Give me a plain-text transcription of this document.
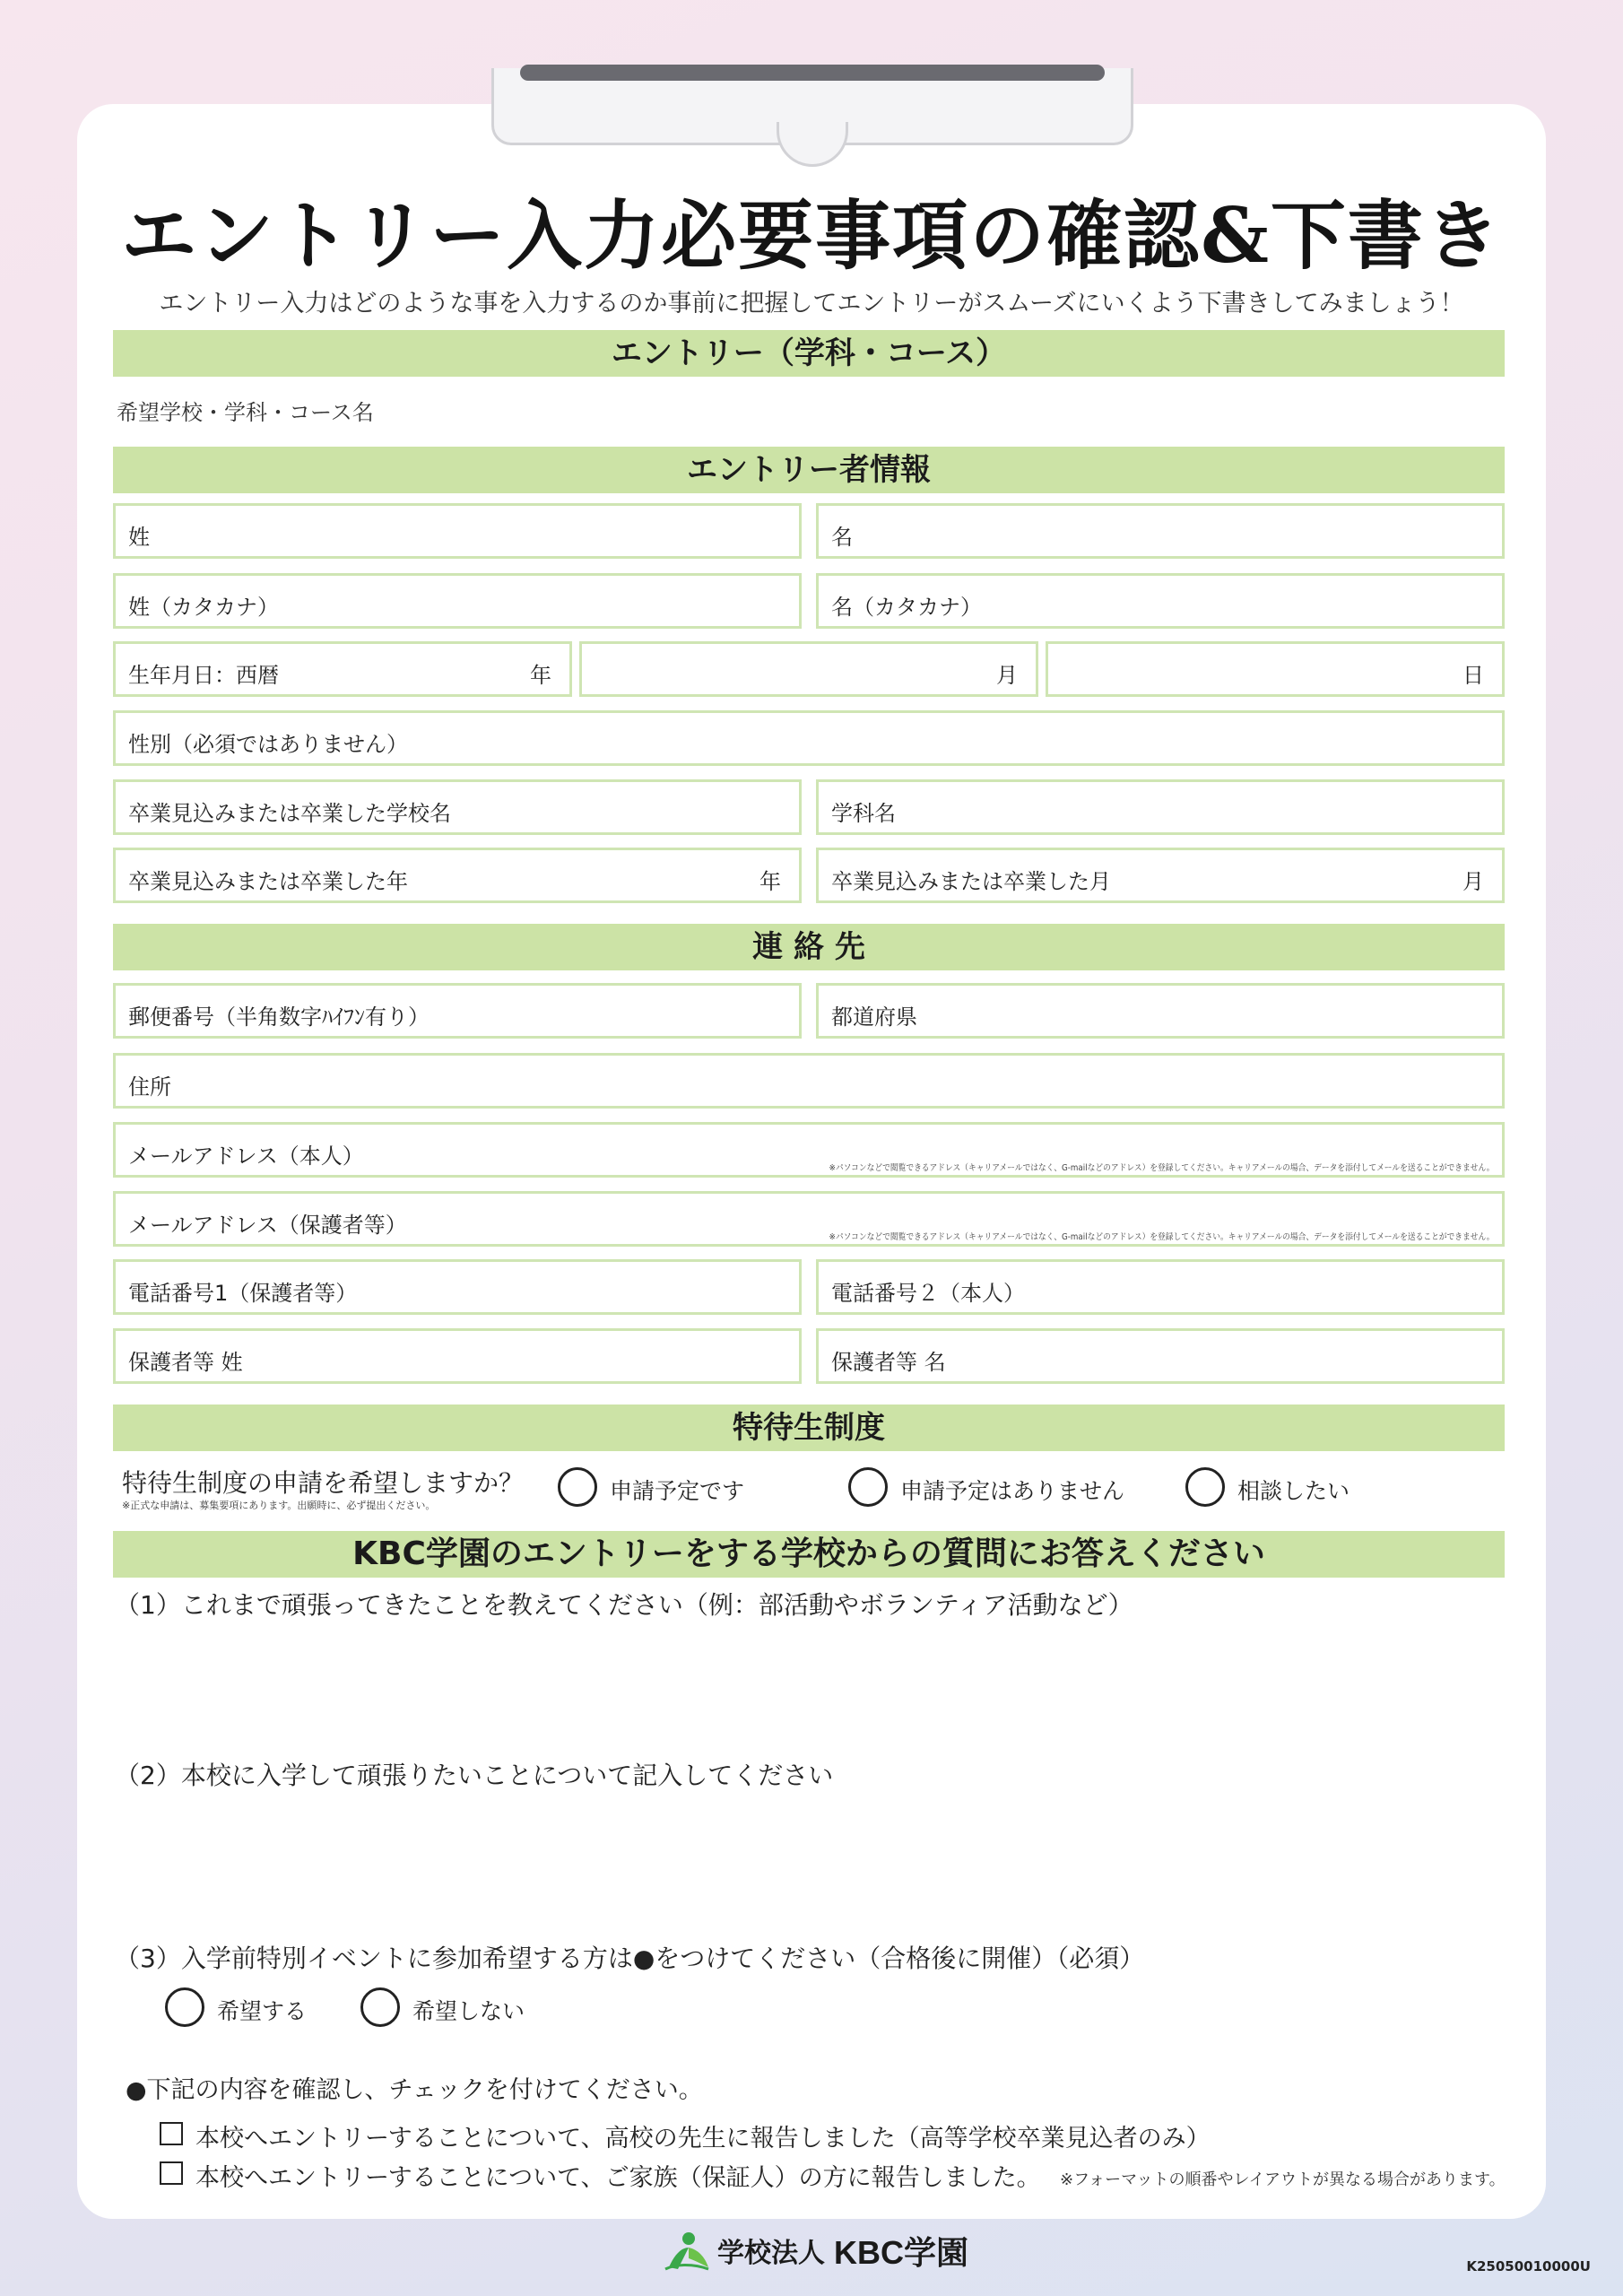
エントリー入力必要事項の確認&下書き
エントリー入力はどのような事を入力するのか事前に把握してエントリーがスムーズにいくよう下書きしてみましょう！
エントリー（学科・コース）
希望学校・学科・コース名
エントリー者情報
姓	名
姓（カタカナ）	名（カタカナ）
生年月日：西暦	年	月	日
性別（必須ではありません）
卒業見込みまたは卒業した学校名	学科名
卒業見込みまたは卒業した年	年 卒業見込みまたは卒業した月	月
連 絡 先
郵便番号（半角数字ﾊｲﾌﾝ有り）	都道府県
住所
メールアドレス（本人）	※パソコンなどで閲覧できるアドレス（キャリアメールではなく、G-mailなどのアドレス）を登録してください。キャリアメールの場合、データを添付してメールを送ることができません。
メールアドレス（保護者等）	※パソコンなどで閲覧できるアドレス（キャリアメールではなく、G-mailなどのアドレス）を登録してください。キャリアメールの場合、データを添付してメールを送ることができません。
電話番号1（保護者等）	電話番号２（本人）
保護者等 姓	保護者等 名
特待生制度
特待生制度の申請を希望しますか？
※正式な申請は、募集要項にあります。出願時に、必ず提出ください。
申請予定です	申請予定はありません	相談したい
KBC学園のエントリーをする学校からの質問にお答えください
（1）これまで頑張ってきたことを教えてください（例：部活動やボランティア活動など）
（2）本校に入学して頑張りたいことについて記入してください
（3）入学前特別イベントに参加希望する方は●をつけてください（合格後に開催）（必須）
希望する	希望しない
●下記の内容を確認し、チェックを付けてください。
本校へエントリーすることについて、高校の先生に報告しました（高等学校卒業見込者のみ）
本校へエントリーすることについて、ご家族（保証人）の方に報告しました。 ※フォーマットの順番やレイアウトが異なる場合があります。
学校法人 KBC学園	K25050010000U
